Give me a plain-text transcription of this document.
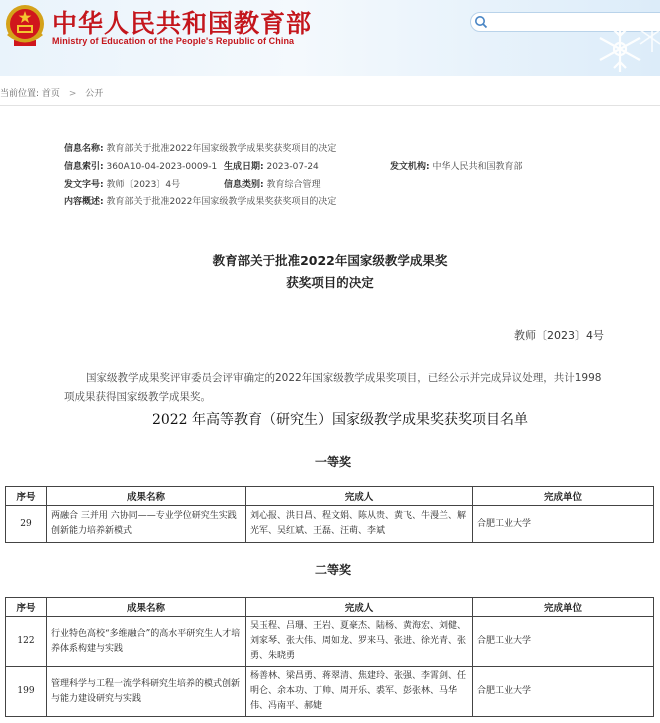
中华人民共和国教育部
Ministry of Education of the People's Republic of China
当前位置: 首页 > 公开
信息名称: 教育部关于批准2022年国家级教学成果奖获奖项目的决定
信息索引: 360A10-04-2023-0009-1 生成日期: 2023-07-24	发文机构: 中华人民共和国教育部
发文字号: 教师〔2023〕4号	信息类别: 教育综合管理
内容概述: 教育部关于批准2022年国家级教学成果奖获奖项目的决定
教育部关于批准2022年国家级教学成果奖
获奖项目的决定
教师〔2023〕4号
国家级教学成果奖评审委员会评审确定的2022年国家级教学成果奖项目，已经公示并完成异议处理，共计1998项成果获得国家级教学成果奖。
2022 年高等教育（研究生）国家级教学成果奖获奖项目名单
一等奖
序号	成果名称	完成人	完成单位
29	两融合 三并用 六协同——专业学位研究生实践创新能力培养新模式	刘心报、洪日昌、程文娟、陈从贵、黄飞、牛漫兰、解光军、吴红斌、王磊、汪萌、李斌	合肥工业大学
二等奖
序号	成果名称	完成人	完成单位
122	行业特色高校“多维融合”的高水平研究生人才培养体系构建与实践	吴玉程、吕珊、王岩、夏豪杰、陆杨、黄海宏、刘健、刘家琴、张大伟、周如龙、罗来马、张进、徐光青、张勇、朱晓勇	合肥工业大学
199	管理科学与工程一流学科研究生培养的模式创新与能力建设研究与实践	杨善林、梁昌勇、蒋翠清、焦建玲、张强、李霄剑、任明仑、余本功、丁帅、周开乐、裘军、彭张林、马华伟、冯南平、郝婕	合肥工业大学
